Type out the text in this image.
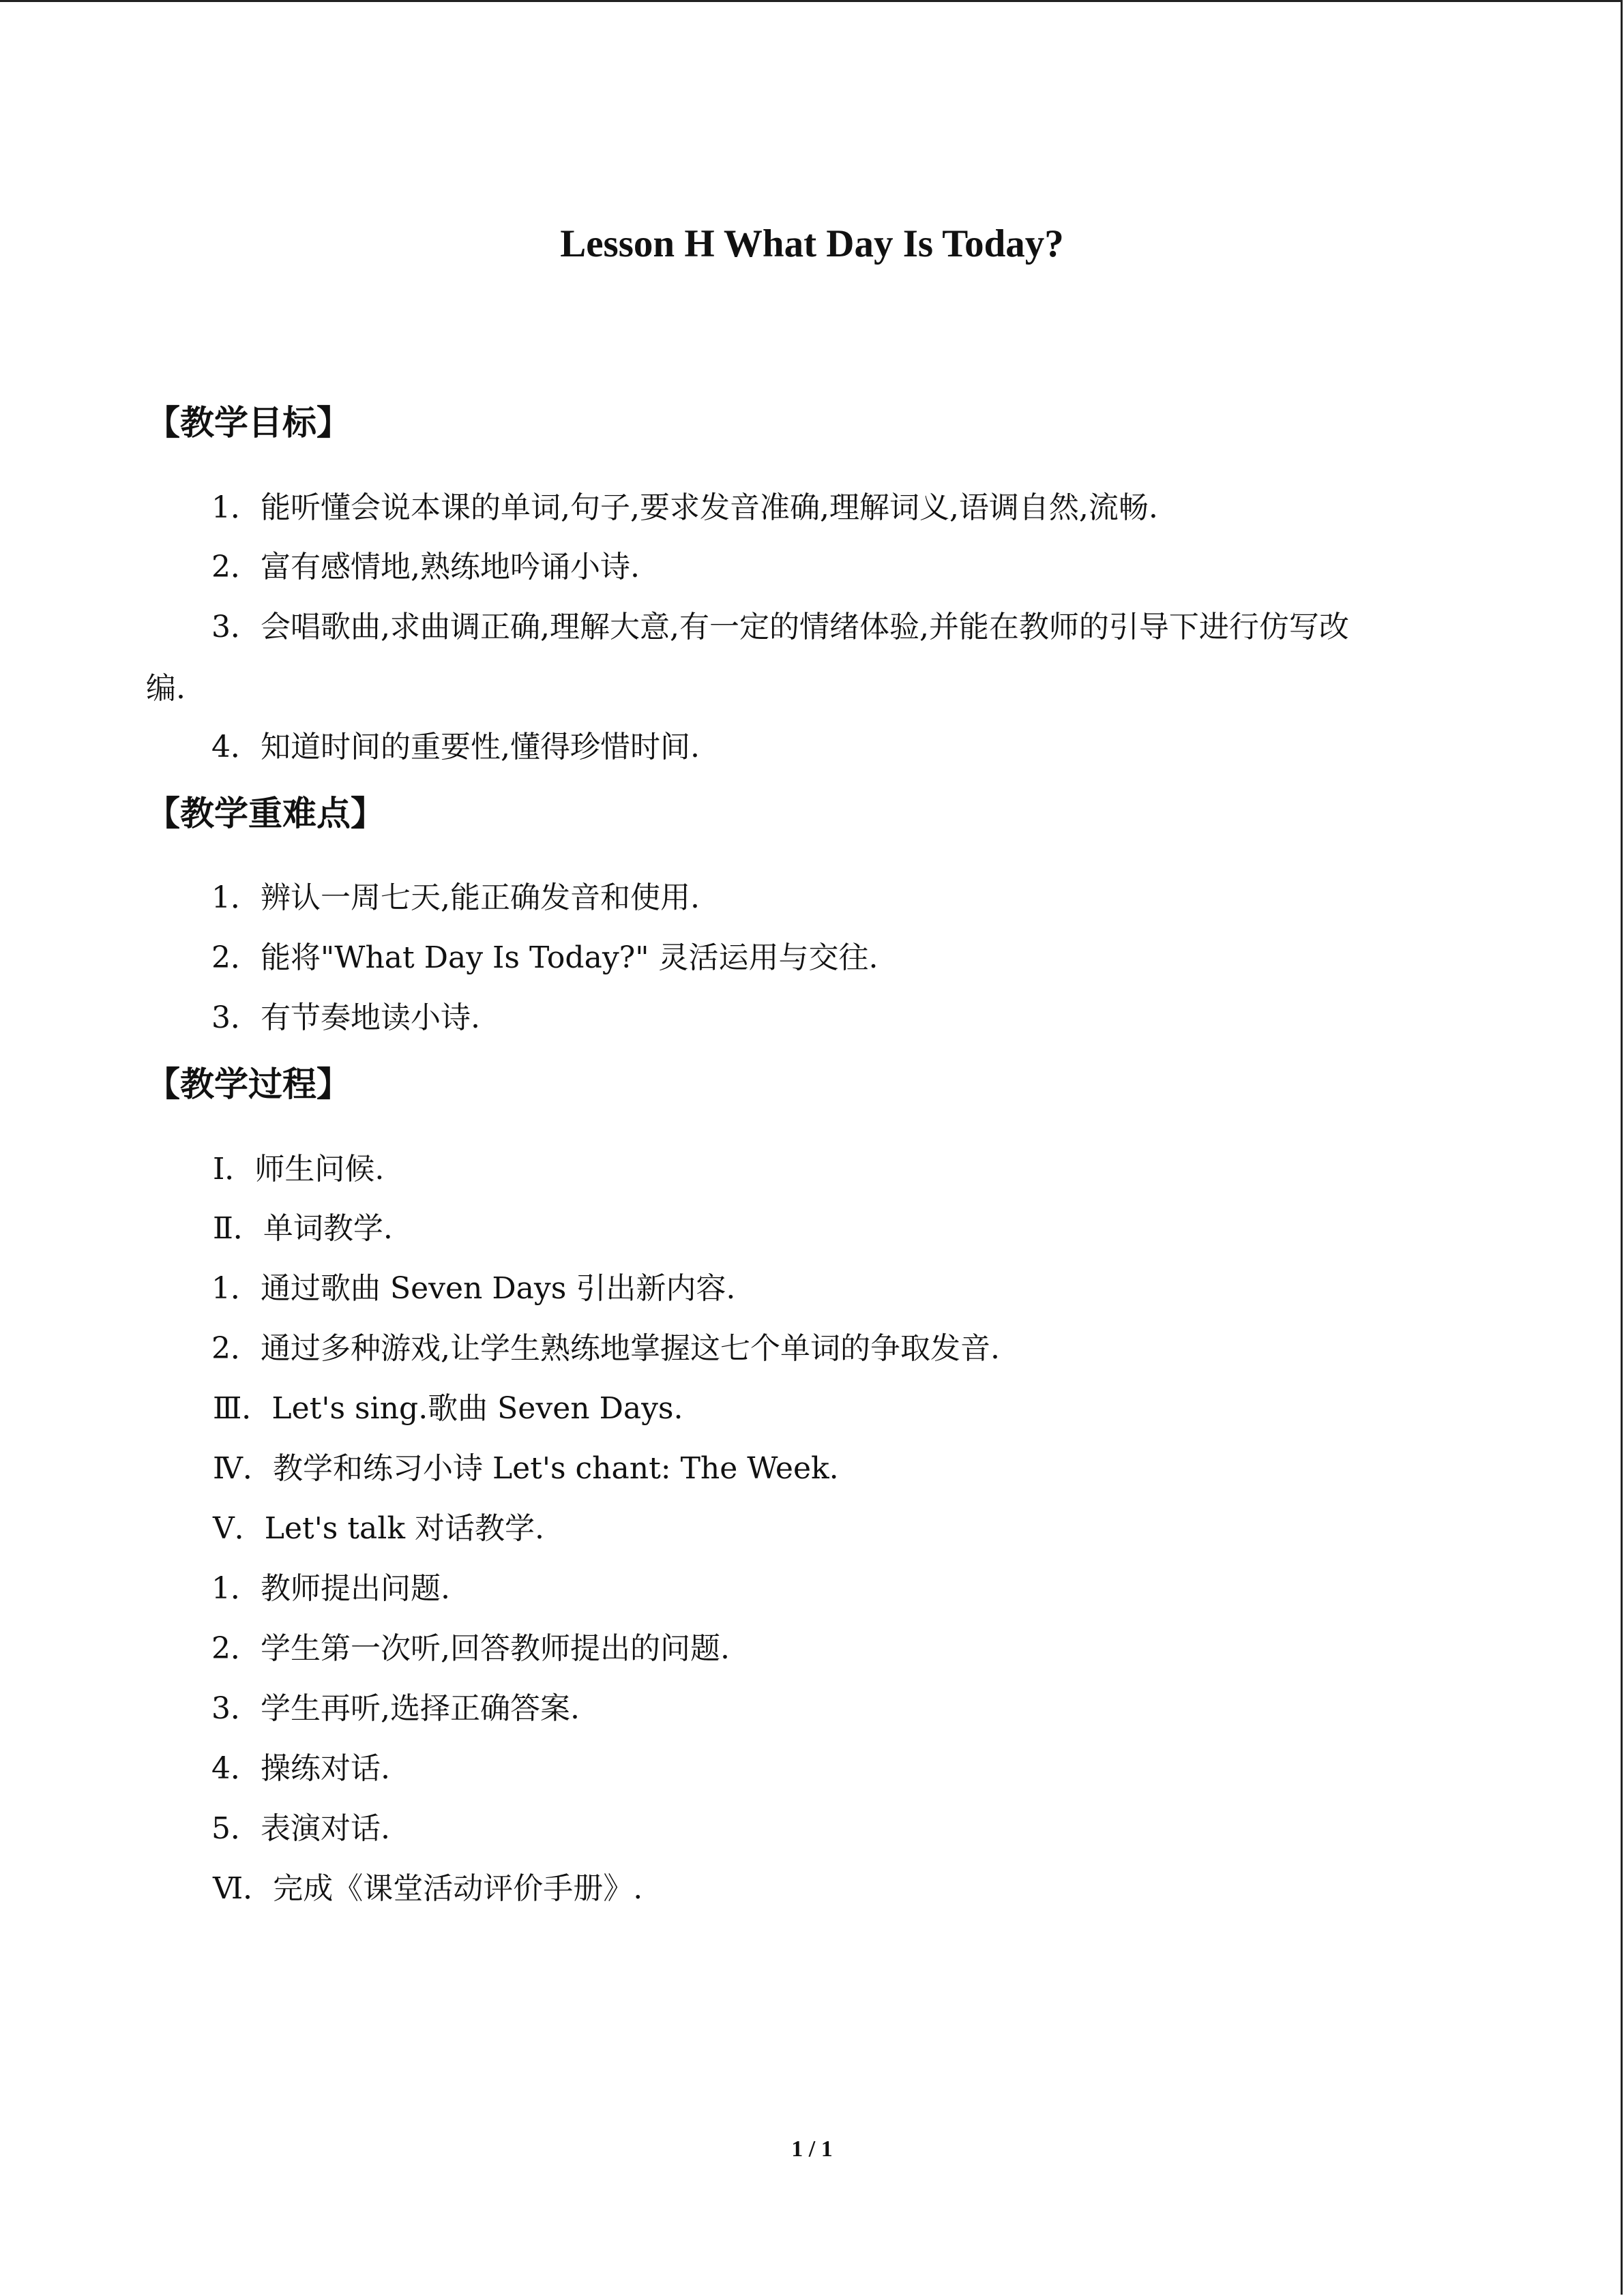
Lesson H What Day Is Today?
【教学目标】
1．能听懂会说本课的单词,句子,要求发音准确,理解词义,语调自然,流畅.
2．富有感情地,熟练地吟诵小诗.
3．会唱歌曲,求曲调正确,理解大意,有一定的情绪体验,并能在教师的引导下进行仿写改
编.
4．知道时间的重要性,懂得珍惜时间.
【教学重难点】
1．辨认一周七天,能正确发音和使用.
2．能将"What Day Is Today?" 灵活运用与交往.
3．有节奏地读小诗.
【教学过程】
Ⅰ．师生问候.
Ⅱ．单词教学.
1．通过歌曲 Seven Days 引出新内容.
2．通过多种游戏,让学生熟练地掌握这七个单词的争取发音.
Ⅲ．Let's sing.歌曲 Seven Days.
Ⅳ．教学和练习小诗 Let's chant: The Week.
Ⅴ．Let's talk 对话教学.
1．教师提出问题.
2．学生第一次听,回答教师提出的问题.
3．学生再听,选择正确答案.
4．操练对话.
5．表演对话.
Ⅵ．完成《课堂活动评价手册》.
1 / 1
